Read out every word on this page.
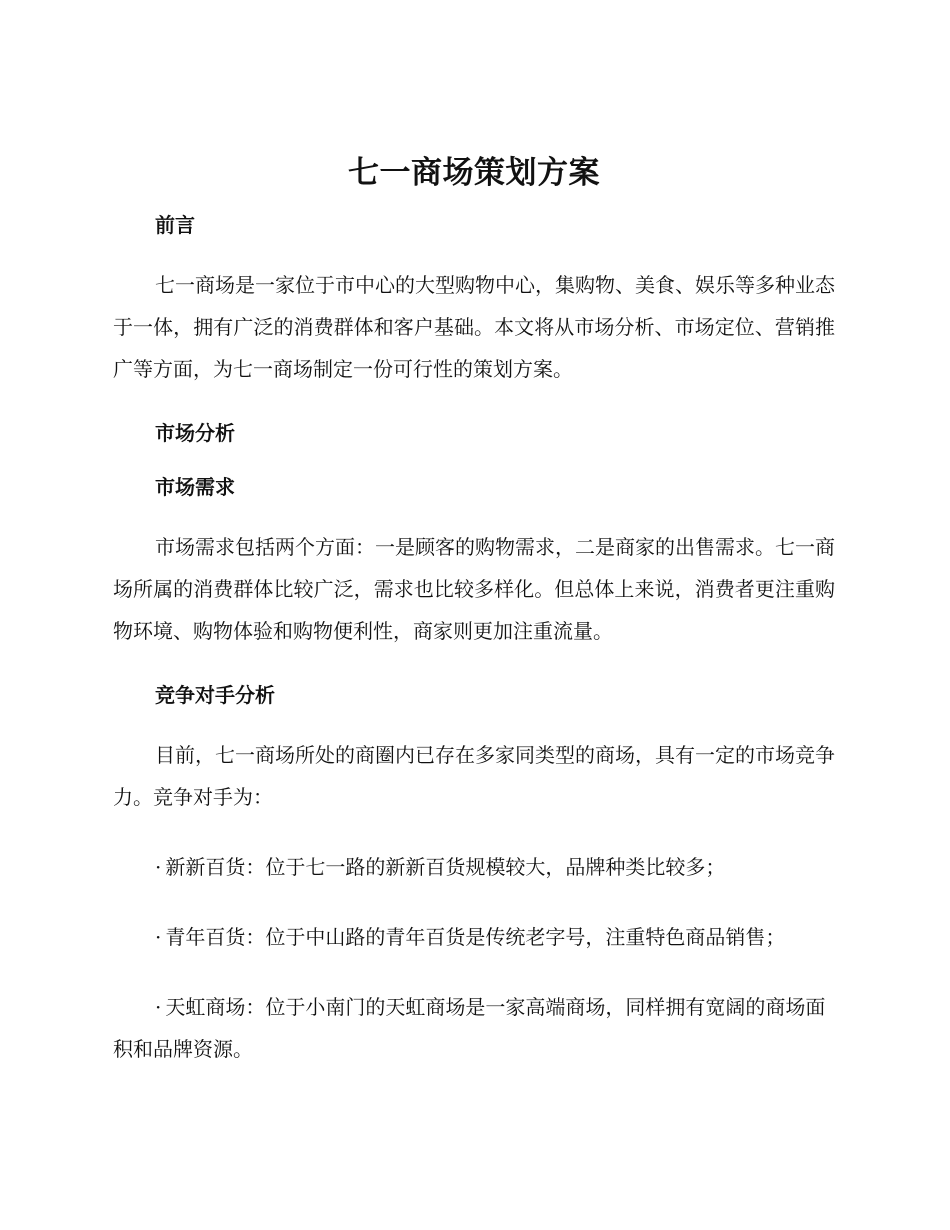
七一商场策划方案
前言

七一商场是一家位于市中心的大型购物中心，集购物、美食、娱乐等多种业态于一体，拥有广泛的消费群体和客户基础。本文将从市场分析、市场定位、营销推广等方面，为七一商场制定一份可行性的策划方案。

市场分析
市场需求

市场需求包括两个方面：一是顾客的购物需求，二是商家的出售需求。七一商场所属的消费群体比较广泛，需求也比较多样化。但总体上来说，消费者更注重购物环境、购物体验和购物便利性，商家则更加注重流量。

竞争对手分析

目前，七一商场所处的商圈内已存在多家同类型的商场，具有一定的市场竞争力。竞争对手为：

· 新新百货：位于七一路的新新百货规模较大，品牌种类比较多；

· 青年百货：位于中山路的青年百货是传统老字号，注重特色商品销售；

· 天虹商场：位于小南门的天虹商场是一家高端商场，同样拥有宽阔的商场面积和品牌资源。
